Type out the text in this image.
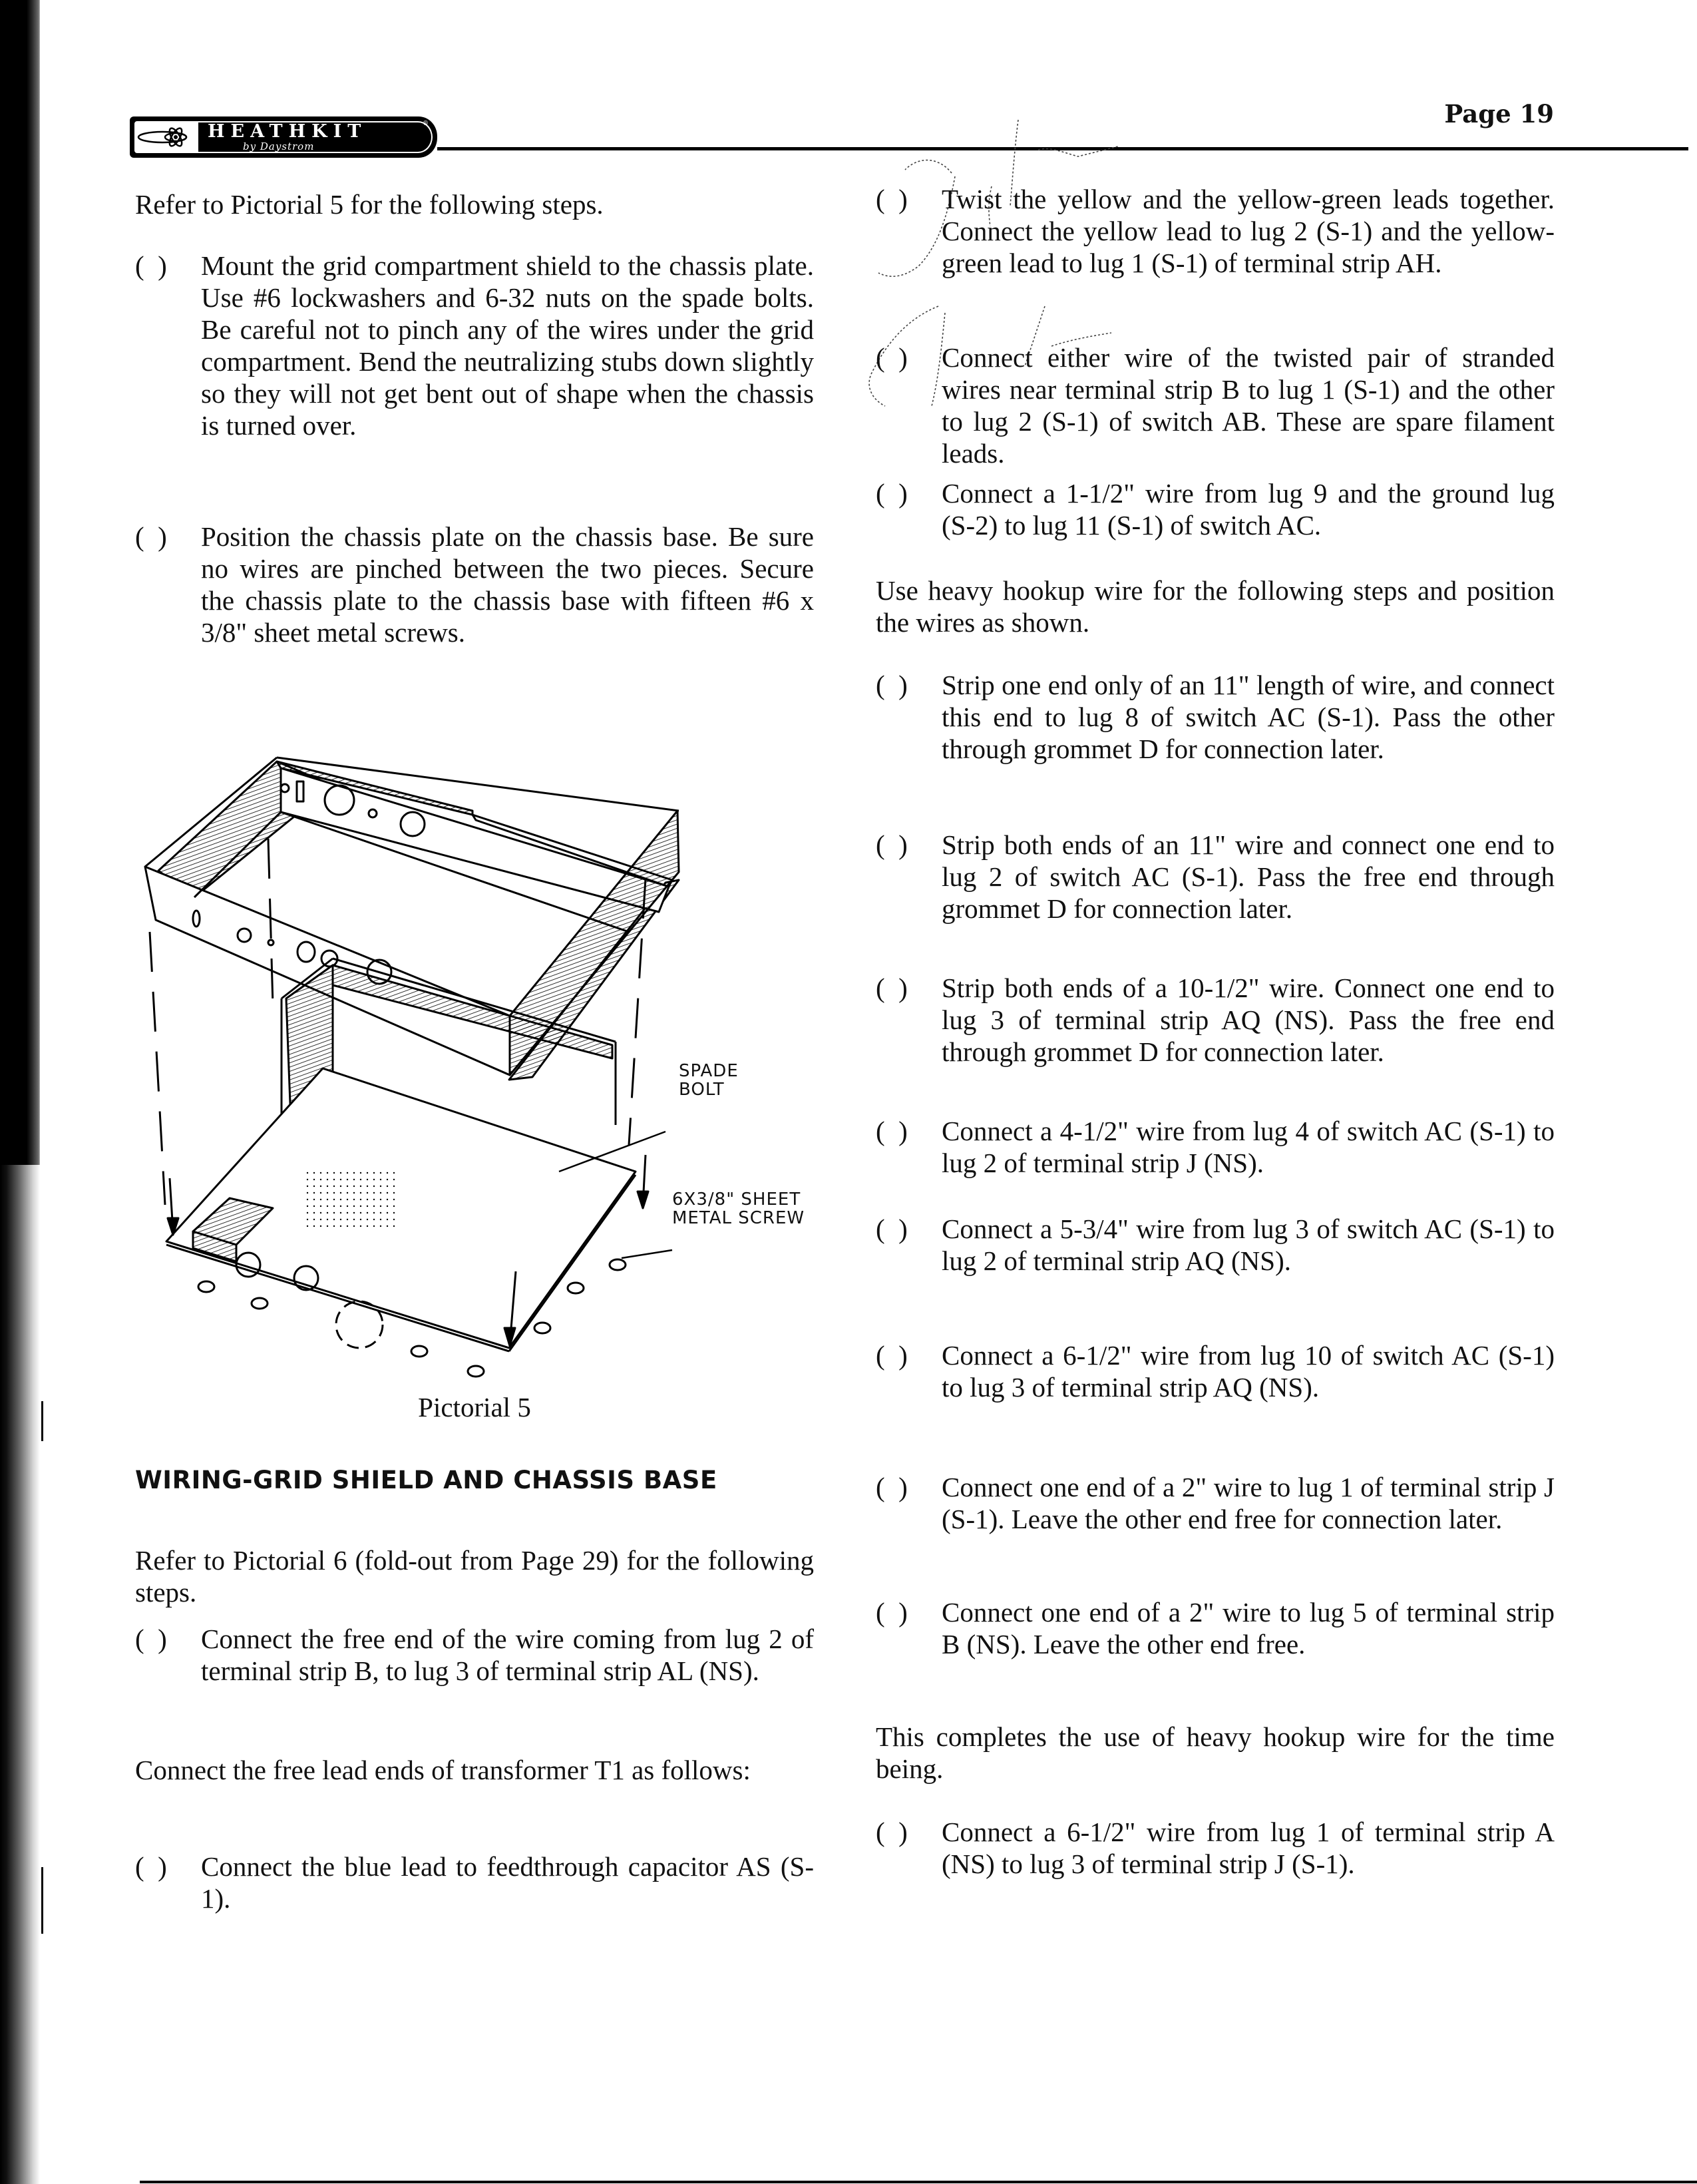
HEATHKIT	®
by Daystrom
Page 19
Refer to Pictorial 5 for the following steps.
(  )	Mount the grid compartment shield to the chassis plate. Use #6 lockwashers and 6-32 nuts on the spade bolts. Be careful not to pinch any of the wires under the grid compartment. Bend the neutralizing stubs down slightly so they will not get bent out of shape when the chassis is turned over.
(  )	Position the chassis plate on the chassis base. Be sure no wires are pinched between the two pieces. Secure the chassis plate to the chassis base with fifteen #6 x 3/8" sheet metal screws.
SPADE
BOLT
6X3/8" SHEET
METAL SCREW
Pictorial 5
WIRING-GRID SHIELD AND CHASSIS BASE
Refer to Pictorial 6 (fold-out from Page 29) for the following steps.
(  )	Connect the free end of the wire coming from lug 2 of terminal strip B, to lug 3 of terminal strip AL (NS).
Connect the free lead ends of transformer T1 as follows:
(  )	Connect the blue lead to feedthrough capacitor AS (S-1).
(  )	Twist the yellow and the yellow-green leads together. Connect the yellow lead to lug 2 (S-1) and the yellow-green lead to lug 1 (S-1) of terminal strip AH.
(  )	Connect either wire of the twisted pair of stranded wires near terminal strip B to lug 1 (S-1) and the other to lug 2 (S-1) of switch AB. These are spare filament leads.
(  )	Connect a 1-1/2" wire from lug 9 and the ground lug (S-2) to lug 11 (S-1) of switch AC.
Use heavy hookup wire for the following steps and position the wires as shown.
(  )	Strip one end only of an 11" length of wire, and connect this end to lug 8 of switch AC (S-1). Pass the other through grommet D for connection later.
(  )	Strip both ends of an 11" wire and connect one end to lug 2 of switch AC (S-1). Pass the free end through grommet D for connection later.
(  )	Strip both ends of a 10-1/2" wire. Connect one end to lug 3 of terminal strip AQ (NS). Pass the free end through grommet D for connection later.
(  )	Connect a 4-1/2" wire from lug 4 of switch AC (S-1) to lug 2 of terminal strip J (NS).
(  )	Connect a 5-3/4" wire from lug 3 of switch AC (S-1) to lug 2 of terminal strip AQ (NS).
(  )	Connect a 6-1/2" wire from lug 10 of switch AC (S-1) to lug 3 of terminal strip AQ (NS).
(  )	Connect one end of a 2" wire to lug 1 of terminal strip J (S-1). Leave the other end free for connection later.
(  )	Connect one end of a 2" wire to lug 5 of terminal strip B (NS). Leave the other end free.
This completes the use of heavy hookup wire for the time being.
(  )	Connect a 6-1/2" wire from lug 1 of terminal strip A (NS) to lug 3 of terminal strip J (S-1).
